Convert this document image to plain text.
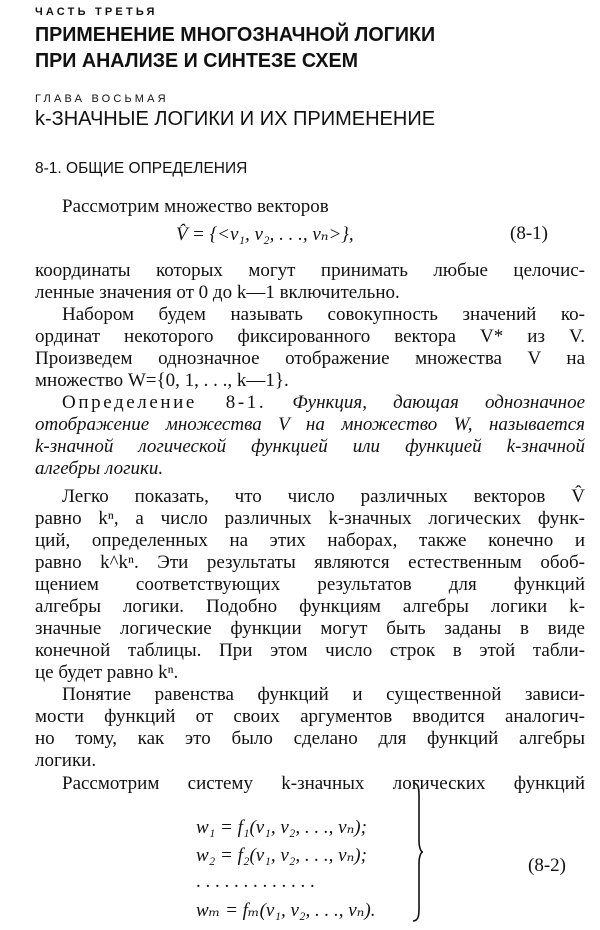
ЧАСТЬ ТРЕТЬЯ
ПРИМЕНЕНИЕ МНОГОЗНАЧНОЙ ЛОГИКИ
ПРИ АНАЛИЗЕ И СИНТЕЗЕ СХЕМ
ГЛАВА ВОСЬМАЯ
k-ЗНАЧНЫЕ ЛОГИКИ И ИХ ПРИМЕНЕНИЕ
8-1. ОБЩИЕ ОПРЕДЕЛЕНИЯ
Рассмотрим множество векторов
V̂ = {<v₁, v₂, . . ., vₙ>},	(8-1)
координаты которых могут принимать любые целочис-
ленные значения от 0 до k—1 включительно.
Набором будем называть совокупность значений ко-
ординат некоторого фиксированного вектора V* из V.
Произведем однозначное отображение множества V на
множество W={0, 1, . . ., k—1}.
Определение 8-1. Функция, дающая однозначное
отображение множества V на множество W, называется
k-значной логической функцией или функцией k-значной
алгебры логики.
Легко показать, что число различных векторов V̂
равно kⁿ, а число различных k-значных логических функ-
ций, определенных на этих наборах, также конечно и
равно k^kⁿ. Эти результаты являются естественным обоб-
щением соответствующих результатов для функций
алгебры логики. Подобно функциям алгебры логики k-
значные логические функции могут быть заданы в виде
конечной таблицы. При этом число строк в этой табли-
це будет равно kⁿ.
Понятие равенства функций и существенной зависи-
мости функций от своих аргументов вводится аналогич-
но тому, как это было сделано для функций алгебры
логики.
Рассмотрим систему k-значных логических функций
w₁ = f₁(v₁, v₂, . . ., vₙ);
w₂ = f₂(v₁, v₂, . . ., vₙ);
. . . . . . . . . . . . .
wₘ = fₘ(v₁, v₂, . . ., vₙ).
(8-2)
